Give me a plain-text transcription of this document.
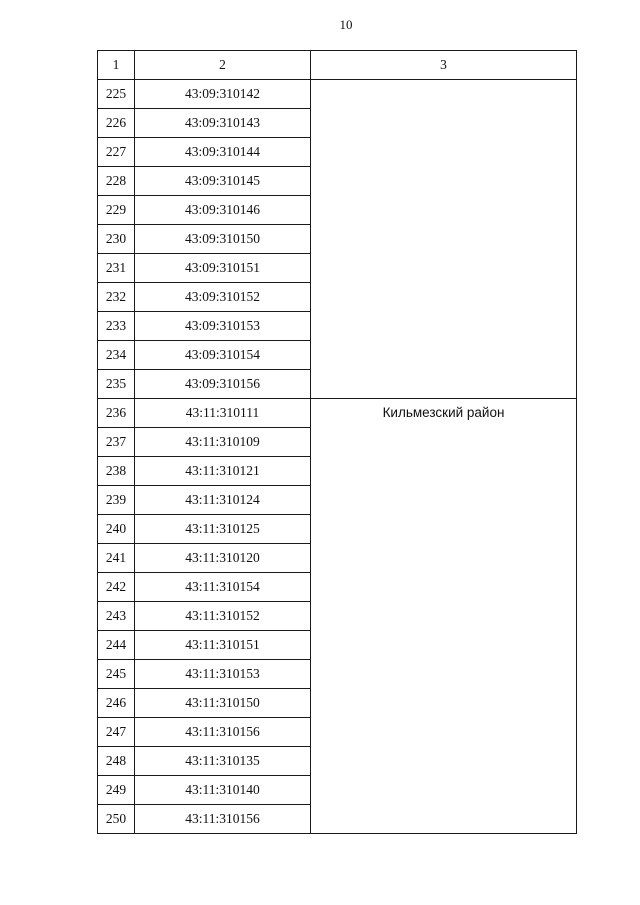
10
1	2	3
225	43:09:310142	
226	43:09:310143	
227	43:09:310144	
228	43:09:310145	
229	43:09:310146	
230	43:09:310150	
231	43:09:310151	
232	43:09:310152	
233	43:09:310153	
234	43:09:310154	
235	43:09:310156	
236	43:11:310111	Кильмезский район
237	43:11:310109	
238	43:11:310121	
239	43:11:310124	
240	43:11:310125	
241	43:11:310120	
242	43:11:310154	
243	43:11:310152	
244	43:11:310151	
245	43:11:310153	
246	43:11:310150	
247	43:11:310156	
248	43:11:310135	
249	43:11:310140	
250	43:11:310156	
